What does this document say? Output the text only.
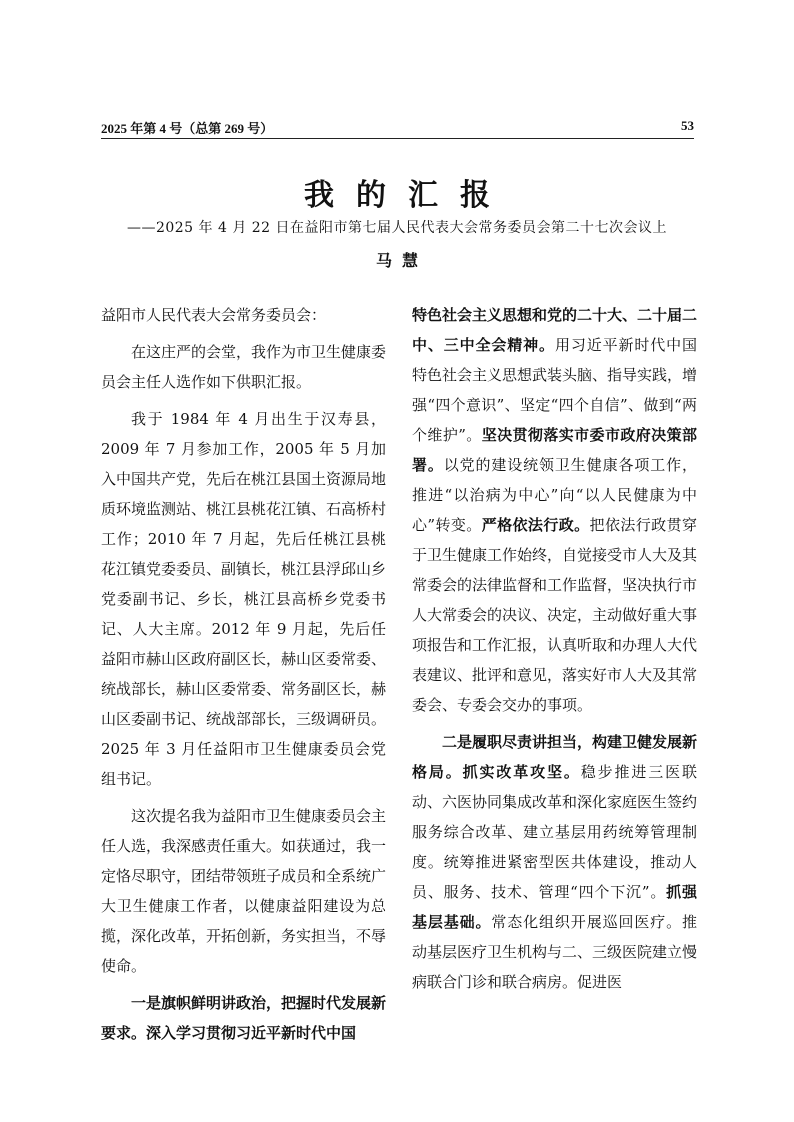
2025 年第 4 号（总第 269 号）	53
我的汇报
——2025 年 4 月 22 日在益阳市第七届人民代表大会常务委员会第二十七次会议上
马慧

益阳市人民代表大会常务委员会：

在这庄严的会堂，我作为市卫生健康委员会主任人选作如下供职汇报。

我于 1984 年 4 月出生于汉寿县，2009 年 7 月参加工作，2005 年 5 月加入中国共产党，先后在桃江县国土资源局地质环境监测站、桃江县桃花江镇、石高桥村工作；2010 年 7 月起，先后任桃江县桃花江镇党委委员、副镇长，桃江县浮邱山乡党委副书记、乡长，桃江县高桥乡党委书记、人大主席。2012 年 9 月起，先后任益阳市赫山区政府副区长，赫山区委常委、统战部长，赫山区委常委、常务副区长，赫山区委副书记、统战部部长，三级调研员。2025 年 3 月任益阳市卫生健康委员会党组书记。

这次提名我为益阳市卫生健康委员会主任人选，我深感责任重大。如获通过，我一定恪尽职守，团结带领班子成员和全系统广大卫生健康工作者，以健康益阳建设为总揽，深化改革，开拓创新，务实担当，不辱使命。

一是旗帜鲜明讲政治，把握时代发展新要求。深入学习贯彻习近平新时代中国

特色社会主义思想和党的二十大、二十届二中、三中全会精神。用习近平新时代中国特色社会主义思想武装头脑、指导实践，增强“四个意识”、坚定“四个自信”、做到“两个维护”。坚决贯彻落实市委市政府决策部署。以党的建设统领卫生健康各项工作，推进“以治病为中心”向“以人民健康为中心”转变。严格依法行政。把依法行政贯穿于卫生健康工作始终，自觉接受市人大及其常委会的法律监督和工作监督，坚决执行市人大常委会的决议、决定，主动做好重大事项报告和工作汇报，认真听取和办理人大代表建议、批评和意见，落实好市人大及其常委会、专委会交办的事项。

二是履职尽责讲担当，构建卫健发展新格局。抓实改革攻坚。稳步推进三医联动、六医协同集成改革和深化家庭医生签约服务综合改革、建立基层用药统筹管理制度。统筹推进紧密型医共体建设，推动人员、服务、技术、管理“四个下沉”。抓强基层基础。常态化组织开展巡回医疗。推动基层医疗卫生机构与二、三级医院建立慢病联合门诊和联合病房。促进医
